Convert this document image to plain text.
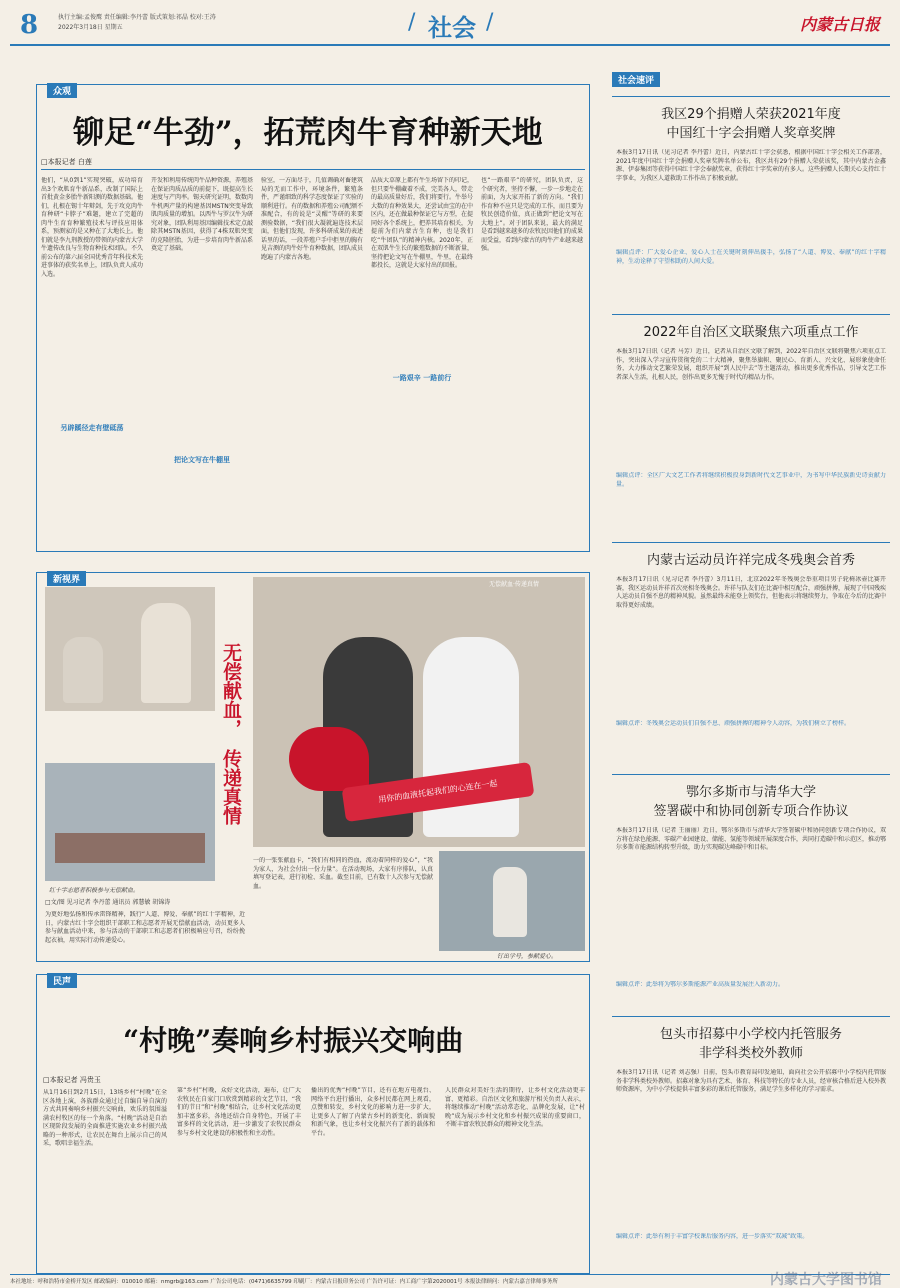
8	执行主编:孟俊鹰 责任编辑:李丹蕾 版式策划:祁晶 校对:王涛
2022年3月18日 星期五	/ 社会 /	内蒙古日报
众观
铆足“牛劲”，拓荒肉牛育种新天地
□本报记者 白莲
他们，“从0到1”实现突破，成功培育出3个欢肌育牛新品系，改制了国际上首批黄金多胎牛新阳测的数据基础。他们，扎根在锡十年辩剑，先于攻克肉牛育种研“卡脖子”难题，建立了完超的肉牛生育育种繁殖技术与评技应用体系，预测家的是又种在了大地长上。他们就是李九荆教授的带领的内蒙古大学牛遗传改良与生物育种技术团队。不久前公布的第六届全国优秀青年科技术先进事体的获奖名单上，团队负责人成功入选。
另辟蹊径走有壁砥荡
开发和利用传统肉牛品种资源，养殖基在保证肉质品质的前提下，既提高生长速度与产肉率。锡天研究证明，数数肉牛机两产量的构建基因MSTN突变导致肌肉质量的增加。以西牛与罗汉牛为研究对象，团队利用基因编辑技术定点敲除其MSTN基因，获得了4株双肌突变的克隆胚胎，为进一步培育肉牛新品系奠定了基础。
把论文写在牛棚里
验室，一方面尽于，几值调确对畜建筑局的无而工作中，环境条件，繁殖条件，严谨细致的科学态度保证了实验的顺利进行。有的数据和养殖公司配额不准配合，有的说是“灵醒”等研的来要测验数据，“我们很大凝就遍连技术层面，但他们发现，许多科研成果的表述话里的话，一段养殖户手中拒里的胸有见吉测的肉牛好牛育种数据，团队成员跑遍了内蒙古各地。
一路艰辛 一路前行
品质大草原上都有牛生场留下的印记，但只要牛棚藏着不成，完美各人，带走的最高质量好后，我们将要行。牛举号大数的育种效果大，还尝试由宝的在中区内，还在做最种保证它与方型，在提同好各个系统上，把养其培育相关，为提前为们内蒙古生育种，也是我们吃“牛团队”的精神内核。2020年，正在双肌牛生长的繁殖数据的不断新量，坚持把论文写在牛棚里，牛里，在最终都投长，这就是大家付出的回报。
也“一路艰辛”的研究，团队负责，这个研究者，坚持不懈，一步一步地走在前面，为大家开拓了新的方向。“我们作育种不应只是完成的工作，而且要为牧民创造价值，真正做到“把论文写在大地上”。对于团队来说，最大的满足是看到越来越多的农牧民因他们的成果而受益，看到内蒙古的肉牛产业越来越强。
新视界
红十字志愿者积极参与无偿献血。
无偿献血，
传递真情
无偿献血·传递真情
用你的血液托起我们的心连在一起
□文/图 见习记者 李丹蕾 通讯员 郭慧敏 胡锦涛
为更好地弘扬和传承雷锋精神，践行“人道、博爱、奉献”的红十字精神，近日，内蒙古红十字会组织干部职工和志愿者开展无偿献血活动，动员更多人参与献血活动中来，参与活动的干部职工和志愿者们积极响应号召，纷纷挽起衣袖，用实际行动传递爱心。
一的一张张献血卡，“我们有相同的热血，流动着同样的爱心”，“我为家人，为社会付出一份力量”。在活动现场，大家有序排队，认真填写登记表，进行初检、采血。截至目前，已有数十人次参与无偿献血。
钉出学号，参献爱心。
民声
“村晚”奏响乡村振兴交响曲
□本报记者 冯贵玉
从1月16日到2月15日，13场乡村“村晚”在全区各地上演，各族群众通过过自编自导自演的方式共同奏响乡村振兴交响曲，欢乐的氛围溢满农村牧区的每一个角落。“村晚”活动是自治区现阶段发展的全面推进实施农业乡村振兴战略的一种形式，让农民在舞台上展示自己的风采，歌唱幸福生活。
第“乡村”村晚，众好文化活动，遍布，让广大农牧民在自家门口欣赏到精彩的文艺节目，“我们的节日”和“村晚”相结合，让乡村文化活动更加丰富多彩，各地还结合自身特色，开展了丰富多样的文化活动，进一步激发了农牧民群众参与乡村文化建设的积极性和主动性。
播出的优秀“村晚”节目，还有在地方电视台、网络平台进行播出，众多村民都在网上观看，点赞和转发，乡村文化的影响力进一步扩大，让更多人了解了内蒙古乡村的新变化、新面貌和新气象，也让乡村文化振兴有了新的载体和平台。
人民群众对美好生活的期待，让乡村文化活动更丰富、更精彩。自治区文化和旅游厅相关负责人表示，将继续推动“村晚”活动常态化、品牌化发展，让“村晚”成为展示乡村文化和乡村振兴成果的重要窗口，不断丰富农牧民群众的精神文化生活。
社会速评
我区29个捐赠人荣获2021年度
中国红十字会捐赠人奖章奖牌
本报3月17日讯（见习记者 李丹蕾）近日，内蒙古红十字会获悉，根据中国红十字会相关工作部署，2021年度中国红十字会捐赠人奖章奖牌名单公布，我区共有29个捐赠人荣获该奖，其中内蒙古金鑫源、伊泰集团等获得中国红十字会奉献奖章，获得红十字奖章的有多人。这些捐赠人长期关心支持红十字事业，为我区人道救助工作作出了积极贡献。
编辑点评：广大爱心企业、爱心人士在关键时刻伸出援手，弘扬了“人道、博爱、奉献”的红十字精神，生动诠释了守望相助的人间大爱。
2022年自治区文联聚焦六项重点工作
本报3月17日讯（记者 马芳）近日，记者从自治区文联了解到，2022年自治区文联将聚焦六项重点工作，突出深入学习宣传贯彻党的二十大精神，聚焦举旗帜、聚民心、育新人、兴文化、展形象使命任务，大力推动文艺繁荣发展，组织开展“到人民中去”等主题活动，推出更多优秀作品，引导文艺工作者深入生活，扎根人民，创作出更多无愧于时代的精品力作。
编辑点评：全区广大文艺工作者将继续积极投身到新时代文艺事业中，为书写中华民族新史诗贡献力量。
内蒙古运动员许祥完成冬残奥会首秀
本报3月17日讯（见习记者 李丹蕾）3月11日，北京2022年冬残奥会举重项目男子轮椅冰壶比赛开赛，我区运动员许祥首次亮相冬残奥会。许祥与队友们在比赛中相互配合，顽强拼搏，展现了中国残疾人运动员自强不息的精神风貌。虽然最终未能登上领奖台，但他表示将继续努力，争取在今后的比赛中取得更好成绩。
编辑点评：冬残奥会运动员们自强不息、顽强拼搏的精神令人动容，为我们树立了榜样。
鄂尔多斯市与清华大学
签署碳中和协同创新专项合作协议
本报3月17日讯（记者 王丽丽）近日，鄂尔多斯市与清华大学签署碳中和协同创新专项合作协议，双方将在绿色能源、零碳产业园建设、储能、氢能等领域开展深度合作，共同打造碳中和示范区，推动鄂尔多斯市能源结构转型升级，助力实现碳达峰碳中和目标。
编辑点评：此举将为鄂尔多斯能源产业高质量发展注入新动力。
包头市招募中小学校内托管服务
非学科类校外教师
本报3月17日讯（记者 刘志强）日前，包头市教育局印发通知，面向社会公开招募中小学校内托管服务非学科类校外教师。招募对象为具有艺术、体育、科技等特长的专业人员，经审核合格后进入校外教师资源库，为中小学校提供丰富多彩的课后托管服务，满足学生多样化的学习需求。
编辑点评：此举有利于丰富学校课后服务内容，进一步落实“双减”政策。
本社地址：呼和浩特市金桥开发区 邮政编码：010010 邮箱：nmgrb@163.com 广告公司电话：(0471)6635799 印刷厂：内蒙古日报印务公司 广告许可证：内工商广字第2020001号 本报法律顾问：内蒙古嘉言律师事务所	内蒙古大学图书馆
